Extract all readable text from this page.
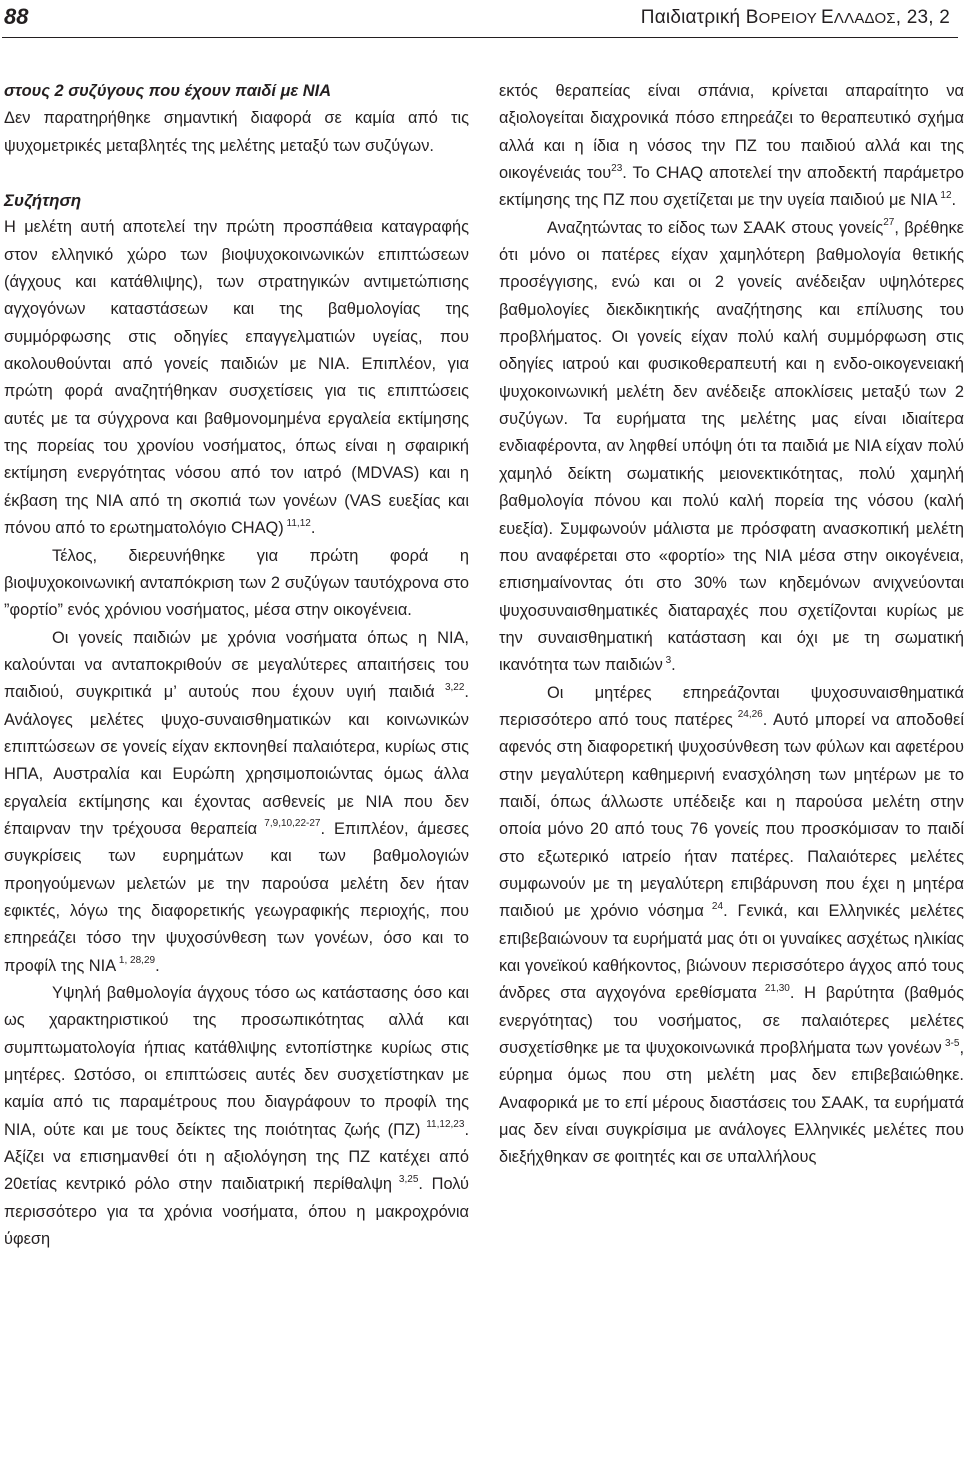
88	Παιδιατρική ΒΟΡΕΙΟΥ ΕΛΛΑΔΟΣ, 23, 2

στους 2 συζύγους που έχουν παιδί με ΝΙΑ

Δεν παρατηρήθηκε σημαντική διαφορά σε καμία από τις ψυχομετρικές μεταβλητές της μελέτης μεταξύ των συζύγων.

Συζήτηση

Η μελέτη αυτή αποτελεί την πρώτη προσπάθεια καταγραφής στον ελληνικό χώρο των βιοψυχοκοινωνικών επιπτώσεων (άγχους και κατάθλιψης), των στρατηγικών αντιμετώπισης αγχογόνων καταστάσεων και της βαθμολογίας της συμμόρφωσης στις οδηγίες επαγγελματιών υγείας, που ακολουθούνται από γονείς παιδιών με ΝΙΑ. Επιπλέον, για πρώτη φορά αναζητήθηκαν συσχετίσεις για τις επιπτώσεις αυτές με τα σύγχρονα και βαθμονομημένα εργαλεία εκτίμησης της πορείας του χρονίου νοσήματος, όπως είναι η σφαιρική εκτίμηση ενεργότητας νόσου από τον ιατρό (MDVAS) και η έκβαση της ΝΙΑ από τη σκοπιά των γονέων (VAS ευεξίας και πόνου από το ερωτηματολόγιο CHAQ) $^{11,12}$.

Τέλος, διερευνήθηκε για πρώτη φορά η βιοψυχοκοινωνική ανταπόκριση των 2 συζύγων ταυτόχρονα στο ”φορτίο” ενός χρόνιου νοσήματος, μέσα στην οικογένεια.

Οι γονείς παιδιών με χρόνια νοσήματα όπως η ΝΙΑ, καλούνται να ανταποκριθούν σε μεγαλύτερες απαιτήσεις του παιδιού, συγκριτικά μ’ αυτούς που έχουν υγιή παιδιά $^{3,22}$. Ανάλογες μελέτες ψυχο-συναισθηματικών και κοινωνικών επιπτώσεων σε γονείς είχαν εκπονηθεί παλαιότερα, κυρίως στις ΗΠΑ, Αυστραλία και Ευρώπη χρησιμοποιώντας όμως άλλα εργαλεία εκτίμησης και έχοντας ασθενείς με ΝΙΑ που δεν έπαιρναν την τρέχουσα θεραπεία $^{7,9,10,22-27}$. Επιπλέον, άμεσες συγκρίσεις των ευρημάτων και των βαθμολογιών προηγούμενων μελετών με την παρούσα μελέτη δεν ήταν εφικτές, λόγω της διαφορετικής γεωγραφικής περιοχής, που επηρεάζει τόσο την ψυχοσύνθεση των γονέων, όσο και το προφίλ της ΝΙΑ $^{1, 28,29}$.

Υψηλή βαθμολογία άγχους τόσο ως κατάστασης όσο και ως χαρακτηριστικού της προσωπικότητας αλλά και συμπτωματολογία ήπιας κατάθλιψης εντοπίστηκε κυρίως στις μητέρες. Ωστόσο, οι επιπτώσεις αυτές δεν συσχετίστηκαν με καμία από τις παραμέτρους που διαγράφουν το προφίλ της ΝΙΑ, ούτε και με τους δείκτες της ποιότητας ζωής (ΠΖ) $^{11,12,23}$. Αξίζει να επισημανθεί ότι η αξιολόγηση της ΠΖ κατέχει από 20ετίας κεντρικό ρόλο στην παιδιατρική περίθαλψη $^{3,25}$. Πολύ περισσότερο για τα χρόνια νοσήματα, όπου η μακροχρόνια ύφεση

εκτός θεραπείας είναι σπάνια, κρίνεται απαραίτητο να αξιολογείται διαχρονικά πόσο επηρεάζει το θεραπευτικό σχήμα αλλά και η ίδια η νόσος την ΠΖ του παιδιού αλλά και της οικογένειάς του$^{23}$. Το CHAQ αποτελεί την αποδεκτή παράμετρο εκτίμησης της ΠΖ που σχετίζεται με την υγεία παιδιού με ΝΙΑ $^{12}$.

Αναζητώντας το είδος των ΣΑΑΚ στους γονείς$^{27}$, βρέθηκε ότι μόνο οι πατέρες είχαν χαμηλότερη βαθμολογία θετικής προσέγγισης, ενώ και οι 2 γονείς ανέδειξαν υψηλότερες βαθμολογίες διεκδικητικής αναζήτησης και επίλυσης του προβλήματος. Οι γονείς είχαν πολύ καλή συμμόρφωση στις οδηγίες ιατρού και φυσικοθεραπευτή και η ενδο-οικογενειακή ψυχοκοινωνική μελέτη δεν ανέδειξε αποκλίσεις μεταξύ των 2 συζύγων. Τα ευρήματα της μελέτης μας είναι ιδιαίτερα ενδιαφέροντα, αν ληφθεί υπόψη ότι τα παιδιά με ΝΙΑ είχαν πολύ χαμηλό δείκτη σωματικής μειονεκτικότητας, πολύ χαμηλή βαθμολογία πόνου και πολύ καλή πορεία της νόσου (καλή ευεξία). Συμφωνούν μάλιστα με πρόσφατη ανασκοπική μελέτη που αναφέρεται στο «φορτίο» της ΝΙΑ μέσα στην οικογένεια, επισημαίνοντας ότι στο 30% των κηδεμόνων ανιχνεύονται ψυχοσυναισθηματικές διαταραχές που σχετίζονται κυρίως με την συναισθηματική κατάσταση και όχι με τη σωματική ικανότητα των παιδιών $^3$.

Οι μητέρες επηρεάζονται ψυχοσυναισθηματικά περισσότερο από τους πατέρες $^{24,26}$. Αυτό μπορεί να αποδοθεί αφενός στη διαφορετική ψυχοσύνθεση των φύλων και αφετέρου στην μεγαλύτερη καθημερινή ενασχόληση των μητέρων με το παιδί, όπως άλλωστε υπέδειξε και η παρούσα μελέτη στην οποία μόνο 20 από τους 76 γονείς που προσκόμισαν το παιδί στο εξωτερικό ιατρείο ήταν πατέρες. Παλαιότερες μελέτες συμφωνούν με τη μεγαλύτερη επιβάρυνση που έχει η μητέρα παιδιού με χρόνιο νόσημα $^{24}$. Γενικά, και Ελληνικές μελέτες επιβεβαιώνουν τα ευρήματά μας ότι οι γυναίκες ασχέτως ηλικίας και γονεϊκού καθήκοντος, βιώνουν περισσότερο άγχος από τους άνδρες στα αγχογόνα ερεθίσματα $^{21,30}$. Η βαρύτητα (βαθμός ενεργότητας) του νοσήματος, σε παλαιότερες μελέτες συσχετίσθηκε με τα ψυχοκοινωνικά προβλήματα των γονέων $^{3-5}$, εύρημα όμως που στη μελέτη μας δεν επιβεβαιώθηκε. Αναφορικά με το επί μέρους διαστάσεις του ΣΑΑΚ, τα ευρήματά μας δεν είναι συγκρίσιμα με ανάλογες Ελληνικές μελέτες που διεξήχθηκαν σε φοιτητές και σε υπαλλήλους
